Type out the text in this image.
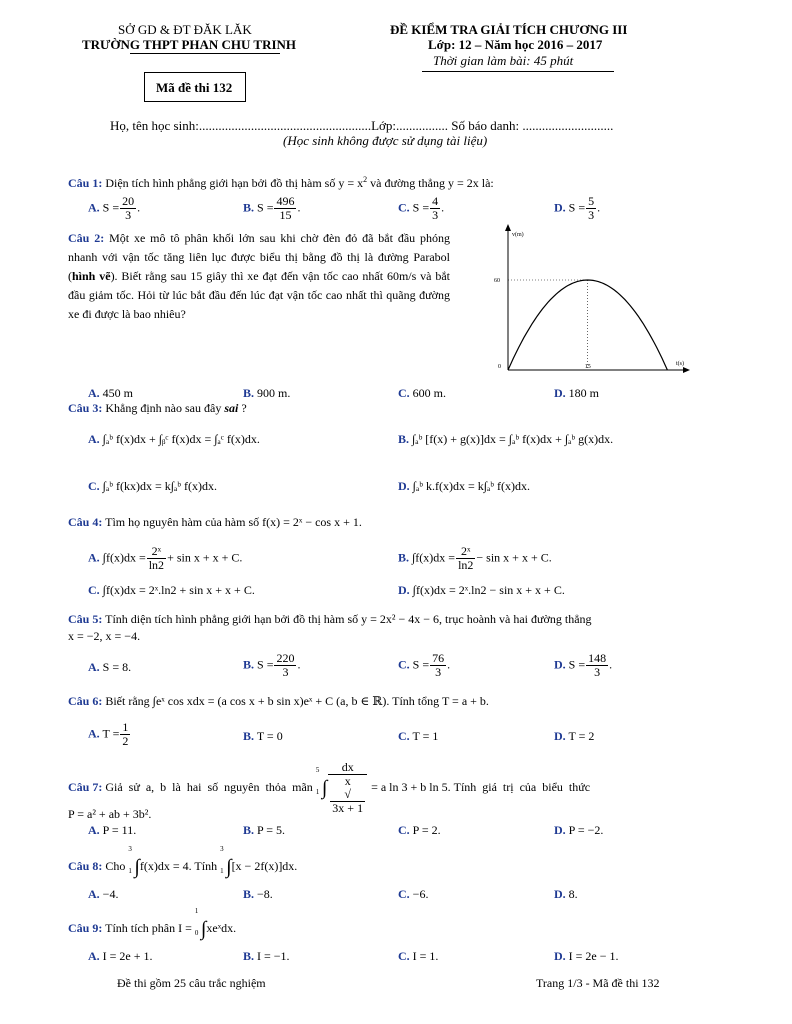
SỞ GD & ĐT ĐĂK LĂK
TRƯỜNG THPT PHAN CHU TRINH
ĐỀ KIỂM TRA GIẢI TÍCH CHƯƠNG III
Lớp: 12 – Năm học 2016 – 2017
Thời gian làm bài: 45 phút
Mã đề thi 132
Họ, tên học sinh:.....................................................Lớp:................ Số báo danh: ............................
(Học sinh không được sử dụng tài liệu)
Câu 1: Diện tích hình phẳng giới hạn bởi đồ thị hàm số $y = x^2$ và đường thẳng y = 2x là:
A. $S = \frac{20}{3}$ .	B. $S = \frac{496}{15}$ .	C. $S = \frac{4}{3}$ .	D. $S = \frac{5}{3}$ .
Câu 2: Một xe mô tô phân khối lớn sau khi chờ đèn đỏ đã bắt đầu phóng nhanh với vận tốc tăng liên lục được biểu thị bằng đồ thị là đường Parabol (hình vẽ). Biết rằng sau 15 giây thì xe đạt đến vận tốc cao nhất 60m/s và bắt đầu giảm tốc. Hỏi từ lúc bắt đầu đến lúc đạt vận tốc cao nhất thì quãng đường xe đi được là bao nhiêu?
v(m)
t(s)
60
15
0
A. 450 m	B. 900 m.	C. 600 m.	D. 180 m
Câu 3: Khẳng định nào sau đây sai ?
A. ∫ₐᵇ f(x)dx + ∫ᵦᶜ f(x)dx = ∫ₐᶜ f(x)dx.	B. ∫ₐᵇ [f(x) + g(x)]dx = ∫ₐᵇ f(x)dx + ∫ₐᵇ g(x)dx.
C. ∫ₐᵇ f(kx)dx = k∫ₐᵇ f(x)dx.	D. ∫ₐᵇ k.f(x)dx = k∫ₐᵇ f(x)dx.
Câu 4: Tìm họ nguyên hàm của hàm số f(x) = 2ˣ − cos x + 1.
A. $\int f(x)dx = \frac{\text{2ˣ}}{\ln 2} + \sin x + x + C$.	B. $\int f(x)dx = \frac{\text{2ˣ}}{\ln 2} - \sin x + x + C$.
C. ∫f(x)dx = 2ˣ.ln2 + sin x + x + C.	D. ∫f(x)dx = 2ˣ.ln2 − sin x + x + C.
Câu 5: Tính diện tích hình phẳng giới hạn bởi đồ thị hàm số y = 2x² − 4x − 6, trục hoành và hai đường thẳng
x = −2, x = −4.
A. S = 8.	B. $S = \frac{220}{3}$ .	C. $S = \frac{76}{3}$ .	D. $S = \frac{148}{3}$ .
Câu 6: Biết rằng ∫eˣ cos xdx = (a cos x + b sin x)eˣ + C (a, b ∈ ℝ). Tính tổng T = a + b.
A. $T = \frac{1}{2}$	B. T = 0	C. T = 1	D. T = 2
Câu 7: Giả sử a, b là hai số nguyên thỏa mãn
5
1 ∫ dx
x
√
3x + 1 = a ln 3 + b ln 5. Tính giá trị của biểu thức
P = a² + ab + 3b².
A. P = 11.	B. P = 5.	C. P = 2.	D. P = −2.
Câu 8: Cho
3
1 ∫f(x)dx = 4. Tính
3
1 ∫[x − 2f(x)]dx.
A. −4.	B. −8.	C. −6.	D. 8.
Câu 9: Tính tích phân I =
1
0 ∫xeˣdx.
A. I = 2e + 1.	B. I = −1.	C. I = 1.	D. I = 2e − 1.
Đề thi gồm 25 câu trắc nghiệm	Trang 1/3 - Mã đề thi 132
